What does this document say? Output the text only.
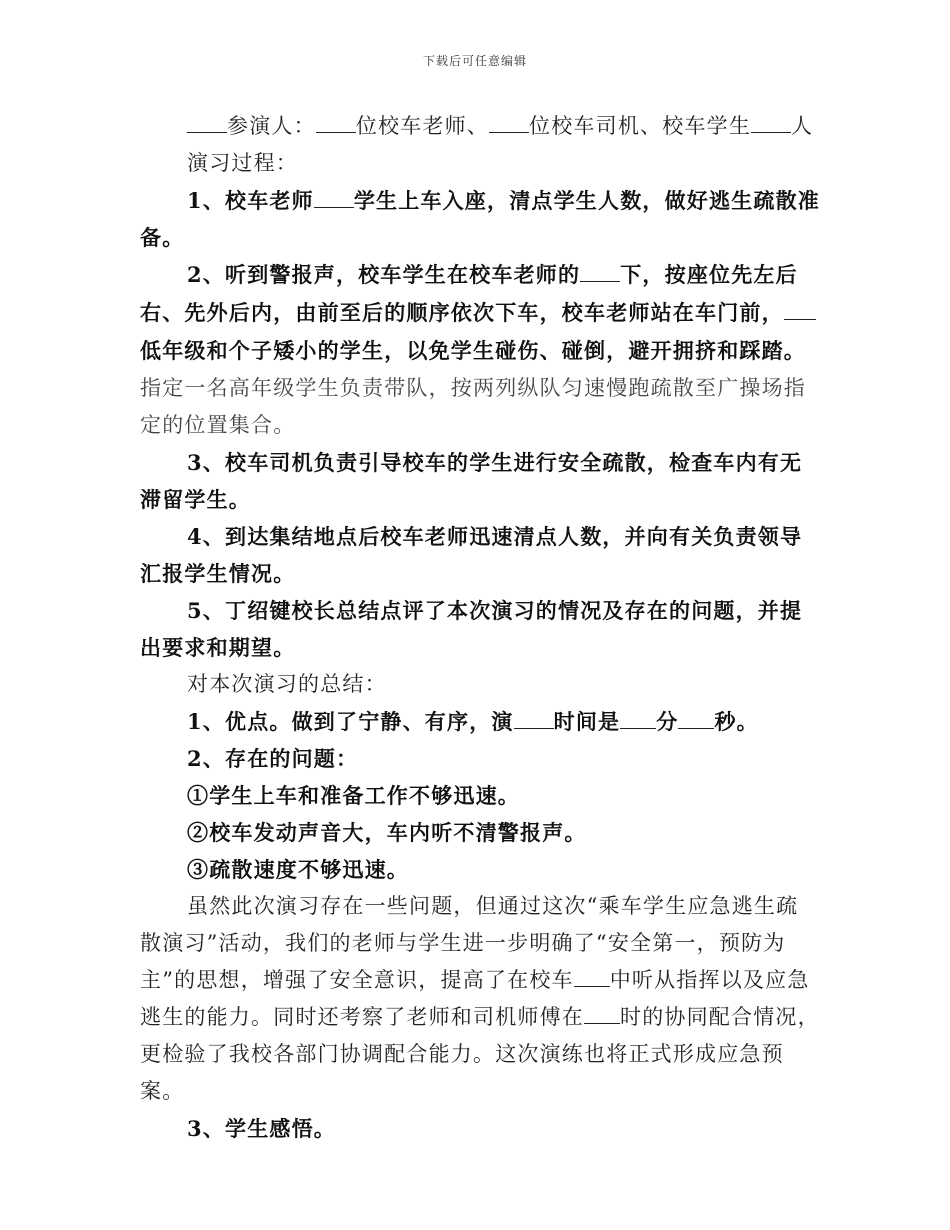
下载后可任意编辑

参演人： 位校车老师、 位校车司机、校车学生 人

演习过程：

1、校车老师 学生上车入座，清点学生人数，做好逃生疏散准备。

2、听到警报声，校车学生在校车老师的 下，按座位先左后右、先外后内，由前至后的顺序依次下车，校车老师站在车门前，低年级和个子矮小的学生，以免学生碰伤、碰倒，避开拥挤和踩踏。指定一名高年级学生负责带队，按两列纵队匀速慢跑疏散至广操场指定的位置集合。

3、校车司机负责引导校车的学生进行安全疏散，检查车内有无滞留学生。

4、到达集结地点后校车老师迅速清点人数，并向有关负责领导汇报学生情况。

5、丁绍键校长总结点评了本次演习的情况及存在的问题，并提出要求和期望。

对本次演习的总结：

1、优点。做到了宁静、有序，演 时间是 分 秒。

2、存在的问题：

①学生上车和准备工作不够迅速。

②校车发动声音大，车内听不清警报声。

③疏散速度不够迅速。

虽然此次演习存在一些问题，但通过这次“乘车学生应急逃生疏散演习”活动，我们的老师与学生进一步明确了“安全第一，预防为主”的思想，增强了安全意识，提高了在校车 中听从指挥以及应急逃生的能力。同时还考察了老师和司机师傅在 时的协同配合情况，更检验了我校各部门协调配合能力。这次演练也将正式形成应急预案。

3、学生感悟。
